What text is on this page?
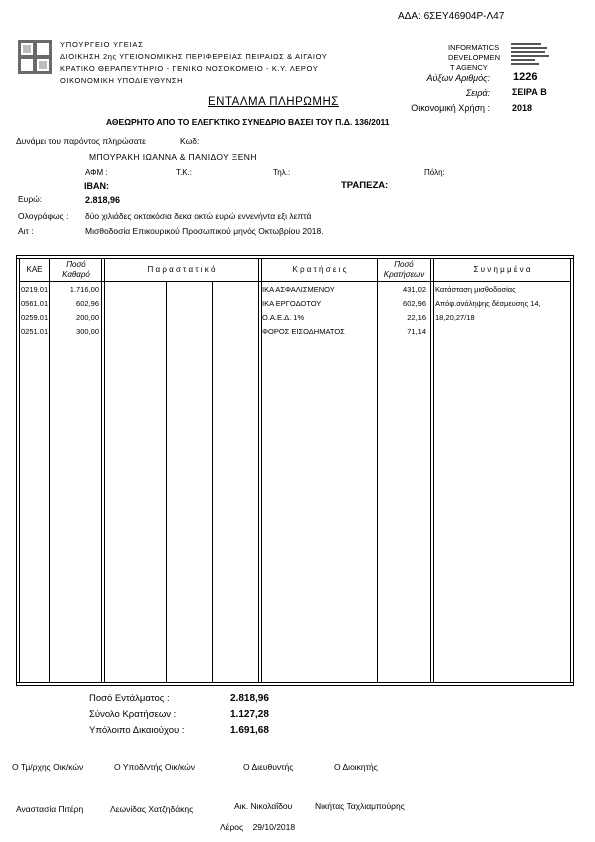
ΑΔΑ: 6ΣΕΥ46904Ρ-Λ47
ΥΠΟΥΡΓΕΙΟ ΥΓΕΙΑΣ
ΔΙΟΙΚΗΣΗ 2ης ΥΓΕΙΟΝΟΜΙΚΗΣ ΠΕΡΙΦΕΡΕΙΑΣ ΠΕΙΡΑΙΩΣ & ΑΙΓΑΙΟΥ
ΚΡΑΤΙΚΟ ΘΕΡΑΠΕΥΤΗΡΙΟ - ΓΕΝΙΚΟ ΝΟΣΟΚΟΜΕΙΟ - Κ.Υ. ΛΕΡΟΥ
ΟΙΚΟΝΟΜΙΚΗ ΥΠΟΔΙΕΥΘΥΝΣΗ
INFORMATICS
DEVELOPMEN
T AGENCY
Αύξων Αριθμός: 1226
Σειρά: ΣΕΙΡΑ Β
Οικονομική Χρήση : 2018
ΕΝΤΑΛΜΑ ΠΛΗΡΩΜΗΣ
ΑΘΕΩΡΗΤΟ ΑΠΟ ΤΟ ΕΛΕΓΚΤΙΚΟ ΣΥΝΕΔΡΙΟ ΒΑΣΕΙ ΤΟΥ Π.Δ. 136/2011
Δυνάμει του παρόντος πληρώσατε	Κωδ:
ΜΠΟΥΡΑΚΗ ΙΩΑΝΝΑ & ΠΑΝΙΔΟΥ ΞΕΝΗ
ΑΦΜ :	Τ.Κ.:	Τηλ.:	Πόλη:
IBAN:	ΤΡΑΠΕΖΑ:
Ευρώ:	2.818,96
Ολογράφως : δύο χιλιάδες οκτακόσια δεκα οκτώ ευρώ εννενήντα εξι λεπτά
Αιτ :	Μισθοδοσία Επικουρικού Προσωπικού μηνός Οκτωβρίου 2018.
ΚΑΕ
Ποσό Καθαρό
Π α ρ α σ τ α τ ι κ ό	Κ ρ α τ ή σ ε ι ς
Ποσό Κρατήσεων
Σ υ ν η μ μ έ ν α
0219.01	1.716,00	ΙΚΑ ΑΣΦΑΛΙΣΜΕΝΟΥ	431,02 Κατάσταση μισθοδοσίας
0561.01	602,96	ΙΚΑ ΕΡΓΟΔΟΤΟΥ	602,96 Απόφ.ανάληψης δέσμευσης 14,
0259.01	200,00	Ο.Α.Ε.Δ. 1%	22,16 18,20,27/18
0251.01	300,00	ΦΟΡΟΣ ΕΙΣΟΔΗΜΑΤΟΣ	71,14
Ποσό Εντάλματος :	2.818,96
Σύνολο Κρατήσεων :	1.127,28
Υπόλοιπο Δικαιούχου :	1.691,68
Ο Τμ/ρχης Οικ/κών	Ο Υποδ/ντής Οικ/κών	Ο Διευθυντής	Ο Διοικητής
Αναστασία Πιτέρη	Λεωνίδας Χατζηδάκης	Αικ. Νικολαΐδου	Νικήτας Ταχλιαμπούρης
Λέρος    29/10/2018
